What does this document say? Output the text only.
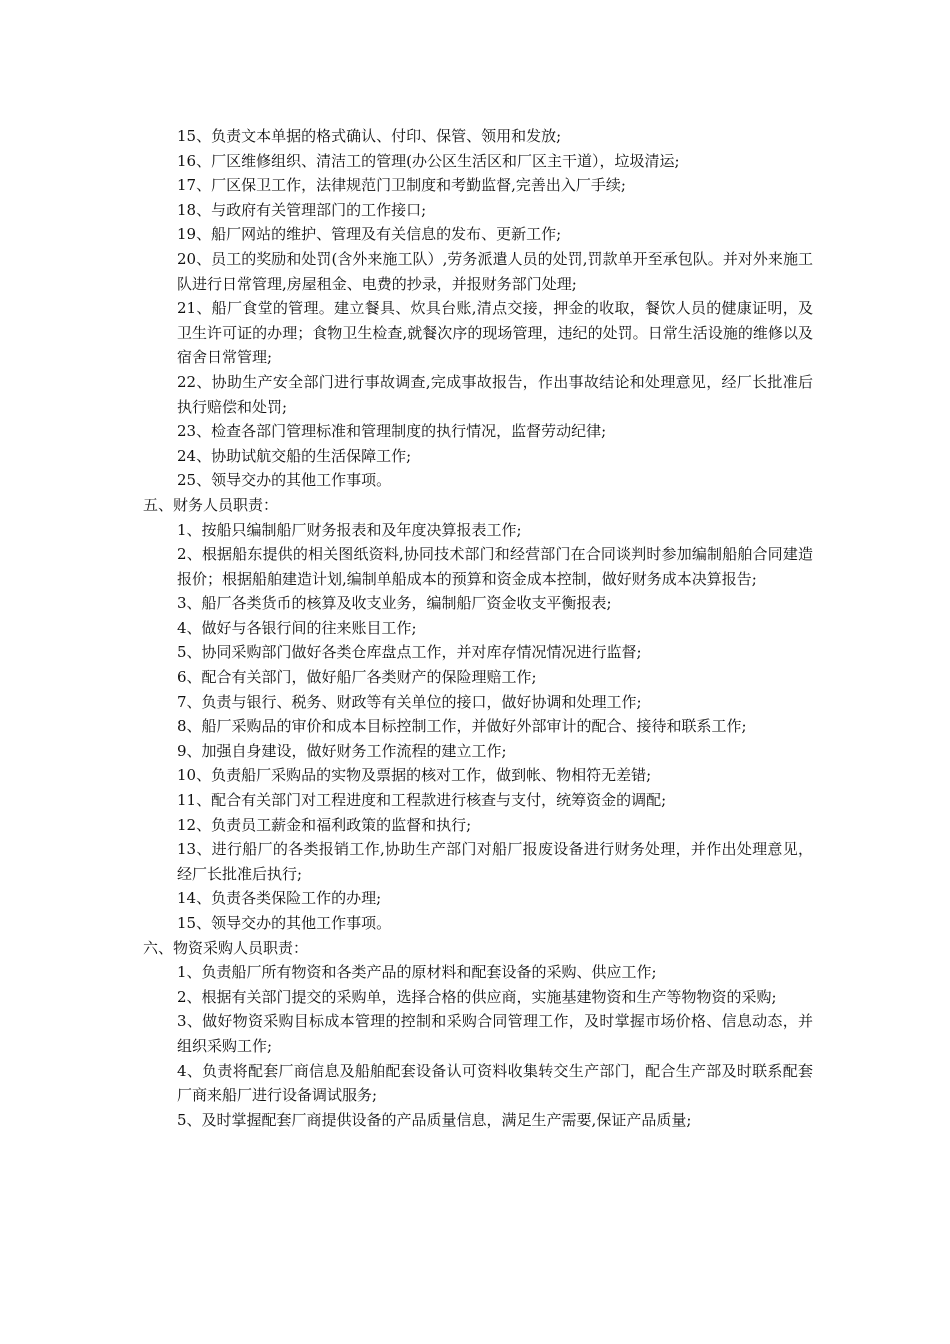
15、负责文本单据的格式确认、付印、保管、领用和发放;

16、厂区维修组织、清洁工的管理(办公区生活区和厂区主干道），垃圾清运;

17、厂区保卫工作，法律规范门卫制度和考勤监督,完善出入厂手续;

18、与政府有关管理部门的工作接口;

19、船厂网站的维护、管理及有关信息的发布、更新工作;

20、员工的奖励和处罚(含外来施工队）,劳务派遣人员的处罚,罚款单开至承包队。并对外来施工队进行日常管理,房屋租金、电费的抄录，并报财务部门处理;

21、船厂食堂的管理。建立餐具、炊具台账,清点交接，押金的收取，餐饮人员的健康证明，及卫生许可证的办理；食物卫生检查,就餐次序的现场管理，违纪的处罚。日常生活设施的维修以及宿舍日常管理;

22、协助生产安全部门进行事故调查,完成事故报告，作出事故结论和处理意见，经厂长批准后执行赔偿和处罚;

23、检查各部门管理标准和管理制度的执行情况，监督劳动纪律;

24、协助试航交船的生活保障工作;

25、领导交办的其他工作事项。

五、财务人员职责：

1、按船只编制船厂财务报表和及年度决算报表工作;

2、根据船东提供的相关图纸资料,协同技术部门和经营部门在合同谈判时参加编制船舶合同建造报价；根据船舶建造计划,编制单船成本的预算和资金成本控制，做好财务成本决算报告;

3、船厂各类货币的核算及收支业务，编制船厂资金收支平衡报表;

4、做好与各银行间的往来账目工作;

5、协同采购部门做好各类仓库盘点工作，并对库存情况情况进行监督;

6、配合有关部门，做好船厂各类财产的保险理赔工作;

7、负责与银行、税务、财政等有关单位的接口，做好协调和处理工作;

8、船厂采购品的审价和成本目标控制工作，并做好外部审计的配合、接待和联系工作;

9、加强自身建设，做好财务工作流程的建立工作;

10、负责船厂采购品的实物及票据的核对工作，做到帐、物相符无差错;

11、配合有关部门对工程进度和工程款进行核查与支付，统筹资金的调配;

12、负责员工薪金和福利政策的监督和执行;

13、进行船厂的各类报销工作,协助生产部门对船厂报废设备进行财务处理，并作出处理意见，经厂长批准后执行;

14、负责各类保险工作的办理;

15、领导交办的其他工作事项。

六、物资采购人员职责：

1、负责船厂所有物资和各类产品的原材料和配套设备的采购、供应工作;

2、根据有关部门提交的采购单，选择合格的供应商，实施基建物资和生产等物物资的采购;

3、做好物资采购目标成本管理的控制和采购合同管理工作，及时掌握市场价格、信息动态，并组织采购工作;

4、负责将配套厂商信息及船舶配套设备认可资料收集转交生产部门，配合生产部及时联系配套厂商来船厂进行设备调试服务;

5、及时掌握配套厂商提供设备的产品质量信息，满足生产需要,保证产品质量;
